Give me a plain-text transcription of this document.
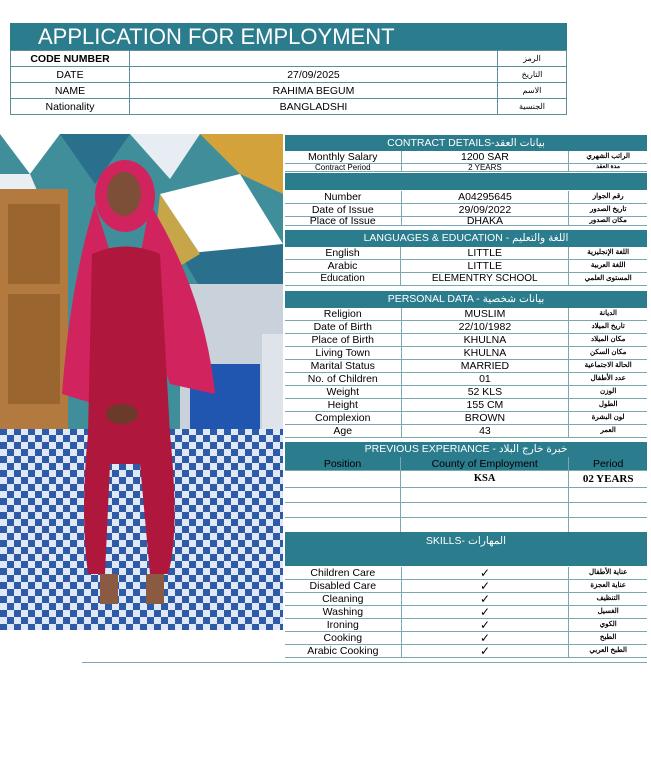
APPLICATION FOR EMPLOYMENT
CODE NUMBER		الرمز
DATE	27/09/2025	التاريخ
NAME	RAHIMA BEGUM	الاسم
Nationality	BANGLADSHI	الجنسية
CONTRACT DETAILS-بيانات العقد
Monthly Salary	1200 SAR	الراتب الشهري
Contract Period	2 YEARS	مدة العقد
Number	A04295645	رقم الجواز
Date of Issue	29/09/2022	تاريخ الصدور
Place of Issue	DHAKA	مكان الصدور
LANGUAGES & EDUCATION - اللغة والتعليم
English	LITTLE	اللغة الإنجليزية
Arabic	LITTLE	اللغة العربية
Education	ELEMENTRY SCHOOL	المستوى العلمي
PERSONAL DATA - بيانات شخصية
Religion	MUSLIM	الديانة
Date of Birth	22/10/1982	تاريخ الميلاد
Place of Birth	KHULNA	مكان الميلاد
Living Town	KHULNA	مكان السكن
Marital Status	MARRIED	الحالة الاجتماعية
No. of Children	01	عدد الأطفال
Weight	52 KLS	الوزن
Height	155 CM	الطول
Complexion	BROWN	لون البشرة
Age	43	العمر
PREVIOUS EXPERIANCE - خبرة خارج البلاد
Position	County of Employment	Period
	KSA	02 YEARS

SKILLS- المهارات
Children Care	✓	عناية الأطفال
Disabled Care	✓	عناية العجزة
Cleaning	✓	التنظيف
Washing	✓	الغسيل
Ironing	✓	الكوي
Cooking	✓	الطبخ
Arabic Cooking	✓	الطبخ العربي
